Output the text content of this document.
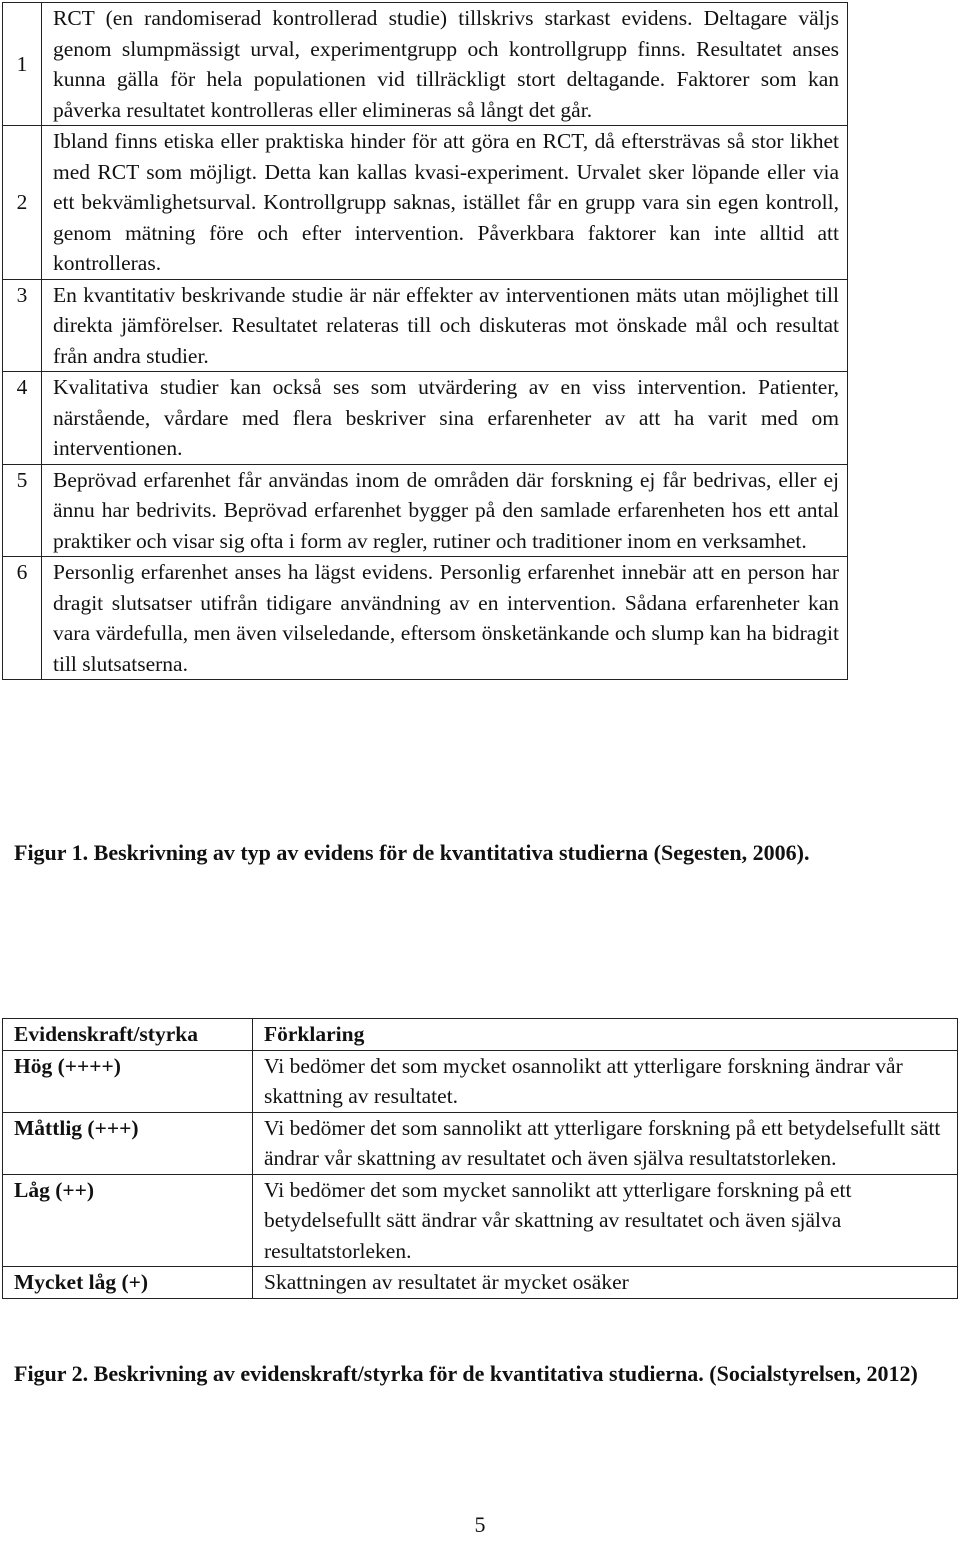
1	RCT (en randomiserad kontrollerad studie) tillskrivs starkast evidens. Deltagare väljs genom slumpmässigt urval, experimentgrupp och kontrollgrupp finns. Resultatet anses kunna gälla för hela populationen vid tillräckligt stort deltagande. Faktorer som kan påverka resultatet kontrolleras eller elimineras så långt det går.
2	Ibland finns etiska eller praktiska hinder för att göra en RCT, då eftersträvas så stor likhet med RCT som möjligt. Detta kan kallas kvasi-experiment. Urvalet sker löpande eller via ett bekvämlighetsurval. Kontrollgrupp saknas, istället får en grupp vara sin egen kontroll, genom mätning före och efter intervention. Påverkbara faktorer kan inte alltid att kontrolleras.
3	En kvantitativ beskrivande studie är när effekter av interventionen mäts utan möjlighet till direkta jämförelser. Resultatet relateras till och diskuteras mot önskade mål och resultat från andra studier.
4	Kvalitativa studier kan också ses som utvärdering av en viss intervention. Patienter, närstående, vårdare med flera beskriver sina erfarenheter av att ha varit med om interventionen.
5	Beprövad erfarenhet får användas inom de områden där forskning ej får bedrivas, eller ej ännu har bedrivits. Beprövad erfarenhet bygger på den samlade erfarenheten hos ett antal praktiker och visar sig ofta i form av regler, rutiner och traditioner inom en verksamhet.
6	Personlig erfarenhet anses ha lägst evidens. Personlig erfarenhet innebär att en person har dragit slutsatser utifrån tidigare användning av en intervention. Sådana erfarenheter kan vara värdefulla, men även vilseledande, eftersom önsketänkande och slump kan ha bidragit till slutsatserna.
Figur 1. Beskrivning av typ av evidens för de kvantitativa studierna (Segesten, 2006).
Evidenskraft/styrka	Förklaring
Hög (++++)	Vi bedömer det som mycket osannolikt att ytterligare forskning ändrar vår skattning av resultatet.
Måttlig (+++)	Vi bedömer det som sannolikt att ytterligare forskning på ett betydelsefullt sätt ändrar vår skattning av resultatet och även själva resultatstorleken.
Låg (++)	Vi bedömer det som mycket sannolikt att ytterligare forskning på ett betydelsefullt sätt ändrar vår skattning av resultatet och även själva resultatstorleken.
Mycket låg (+)	Skattningen av resultatet är mycket osäker
Figur 2. Beskrivning av evidenskraft/styrka för de kvantitativa studierna. (Socialstyrelsen, 2012)
5
